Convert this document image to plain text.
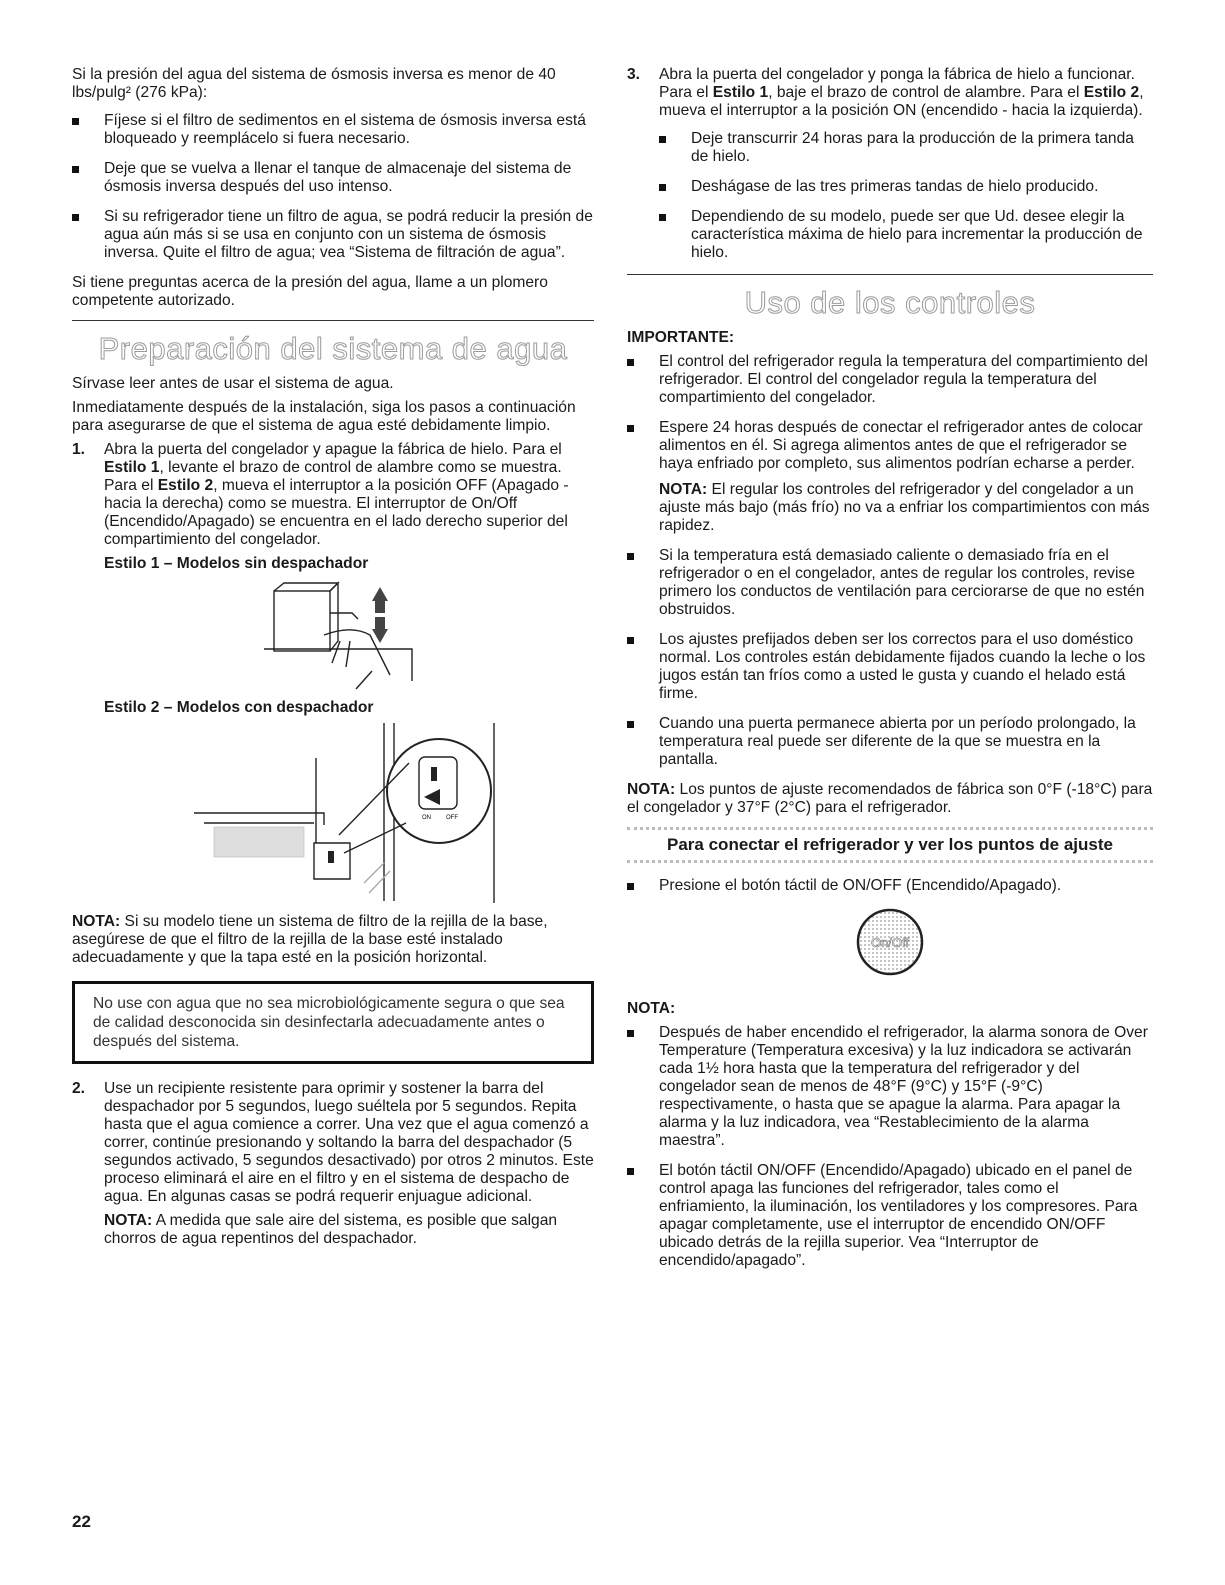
Si la presión del agua del sistema de ósmosis inversa es menor de 40 lbs/pulg² (276 kPa):

Fíjese si el filtro de sedimentos en el sistema de ósmosis inversa está bloqueado y reemplácelo si fuera necesario.
Deje que se vuelva a llenar el tanque de almacenaje del sistema de ósmosis inversa después del uso intenso.
Si su refrigerador tiene un filtro de agua, se podrá reducir la presión de agua aún más si se usa en conjunto con un sistema de ósmosis inversa. Quite el filtro de agua; vea “Sistema de filtración de agua”.

Si tiene preguntas acerca de la presión del agua, llame a un plomero competente autorizado.

Preparación del sistema de agua

Sírvase leer antes de usar el sistema de agua.

Inmediatamente después de la instalación, siga los pasos a continuación para asegurarse de que el sistema de agua esté debidamente limpio.

1. Abra la puerta del congelador y apague la fábrica de hielo. Para el Estilo 1, levante el brazo de control de alambre como se muestra. Para el Estilo 2, mueva el interruptor a la posición OFF (Apagado - hacia la derecha) como se muestra. El interruptor de On/Off (Encendido/Apagado) se encuentra en el lado derecho superior del compartimiento del congelador.
Estilo 1 – Modelos sin despachador
Estilo 2 – Modelos con despachador
ON	OFF

NOTA: Si su modelo tiene un sistema de filtro de la rejilla de la base, asegúrese de que el filtro de la rejilla de la base esté instalado adecuadamente y que la tapa esté en la posición horizontal.

No use con agua que no sea microbiológicamente segura o que sea de calidad desconocida sin desinfectarla adecuadamente antes o después del sistema.
2. Use un recipiente resistente para oprimir y sostener la barra del despachador por 5 segundos, luego suéltela por 5 segundos. Repita hasta que el agua comience a correr. Una vez que el agua comenzó a correr, continúe presionando y soltando la barra del despachador (5 segundos activado, 5 segundos desactivado) por otros 2 minutos. Este proceso eliminará el aire en el filtro y en el sistema de despacho de agua. En algunas casas se podrá requerir enjuague adicional.

NOTA: A medida que sale aire del sistema, es posible que salgan chorros de agua repentinos del despachador.

3. Abra la puerta del congelador y ponga la fábrica de hielo a funcionar. Para el Estilo 1, baje el brazo de control de alambre. Para el Estilo 2, mueva el interruptor a la posición ON (encendido - hacia la izquierda).
Deje transcurrir 24 horas para la producción de la primera tanda de hielo.
Deshágase de las tres primeras tandas de hielo producido.
Dependiendo de su modelo, puede ser que Ud. desee elegir la característica máxima de hielo para incrementar la producción de hielo.
Uso de los controles
IMPORTANTE:
El control del refrigerador regula la temperatura del compartimiento del refrigerador. El control del congelador regula la temperatura del compartimiento del congelador.
Espere 24 horas después de conectar el refrigerador antes de colocar alimentos en él. Si agrega alimentos antes de que el refrigerador se haya enfriado por completo, sus alimentos podrían echarse a perder.

NOTA: El regular los controles del refrigerador y del congelador a un ajuste más bajo (más frío) no va a enfriar los compartimientos con más rapidez.

Si la temperatura está demasiado caliente o demasiado fría en el refrigerador o en el congelador, antes de regular los controles, revise primero los conductos de ventilación para cerciorarse de que no estén obstruidos.
Los ajustes prefijados deben ser los correctos para el uso doméstico normal. Los controles están debidamente fijados cuando la leche o los jugos están tan fríos como a usted le gusta y cuando el helado está firme.
Cuando una puerta permanece abierta por un período prolongado, la temperatura real puede ser diferente de la que se muestra en la pantalla.

NOTA: Los puntos de ajuste recomendados de fábrica son 0°F (-18°C) para el congelador y 37°F (2°C) para el refrigerador.

Para conectar el refrigerador y ver los puntos de ajuste
Presione el botón táctil de ON/OFF (Encendido/Apagado).
On/Off
NOTA:
Después de haber encendido el refrigerador, la alarma sonora de Over Temperature (Temperatura excesiva) y la luz indicadora se activarán cada 1½ hora hasta que la temperatura del refrigerador y del congelador sean de menos de 48°F (9°C) y 15°F (-9°C) respectivamente, o hasta que se apague la alarma. Para apagar la alarma y la luz indicadora, vea “Restablecimiento de la alarma maestra”.
El botón táctil ON/OFF (Encendido/Apagado) ubicado en el panel de control apaga las funciones del refrigerador, tales como el enfriamiento, la iluminación, los ventiladores y los compresores. Para apagar completamente, use el interruptor de encendido ON/OFF ubicado detrás de la rejilla superior. Vea “Interruptor de encendido/apagado”.
22
